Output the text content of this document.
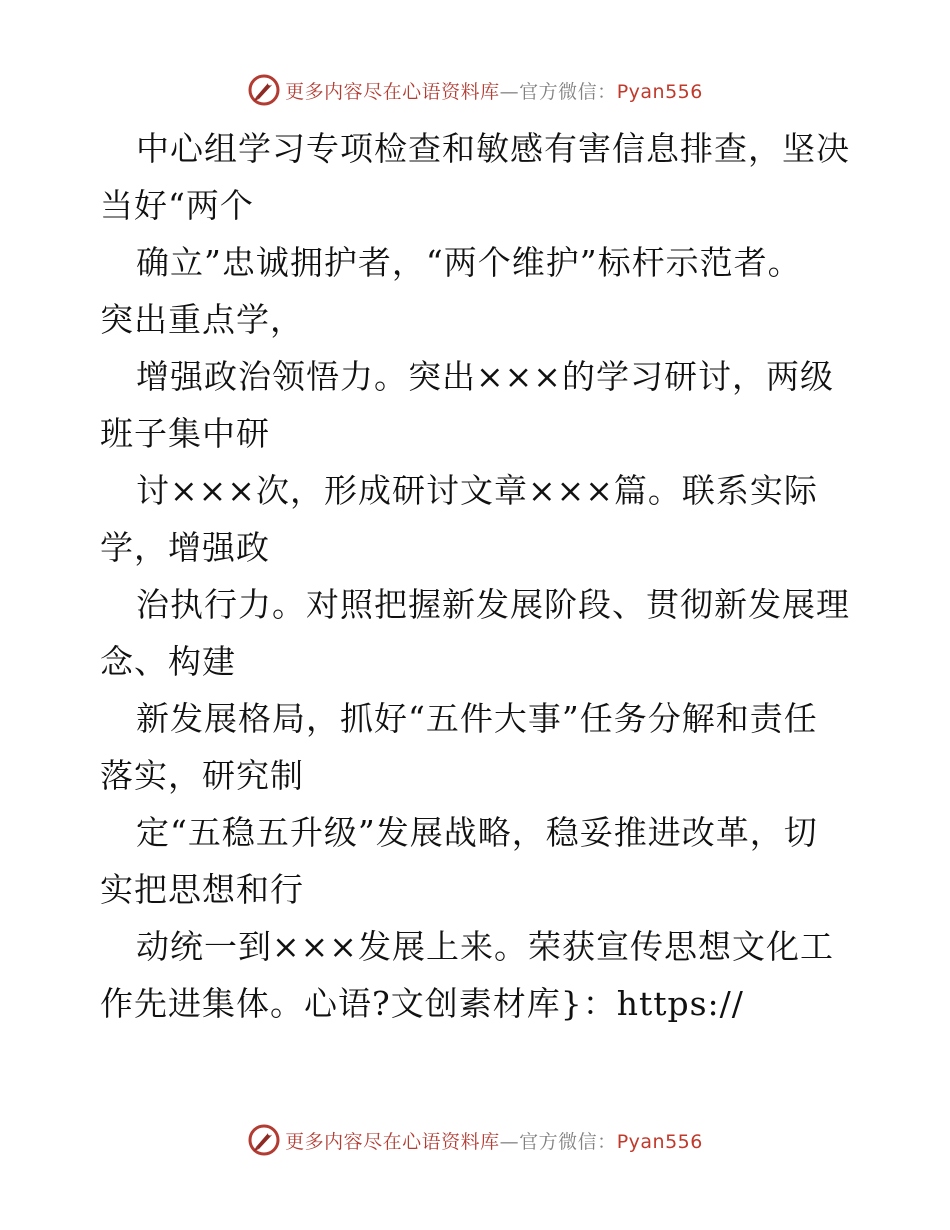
更多内容尽在心语资料库—官方微信：Pyan556
中心组学习专项检查和敏感有害信息排查，坚决
当好“两个
确立”忠诚拥护者，“两个维护”标杆示范者。
突出重点学，
增强政治领悟力。突出×××的学习研讨，两级
班子集中研
讨×××次，形成研讨文章×××篇。联系实际
学，增强政
治执行力。对照把握新发展阶段、贯彻新发展理
念、构建
新发展格局，抓好“五件大事”任务分解和责任
落实，研究制
定“五稳五升级”发展战略，稳妥推进改革，切
实把思想和行
动统一到×××发展上来。荣获宣传思想文化工
作先进集体。心语?文创素材库}：https://
更多内容尽在心语资料库—官方微信：Pyan556
